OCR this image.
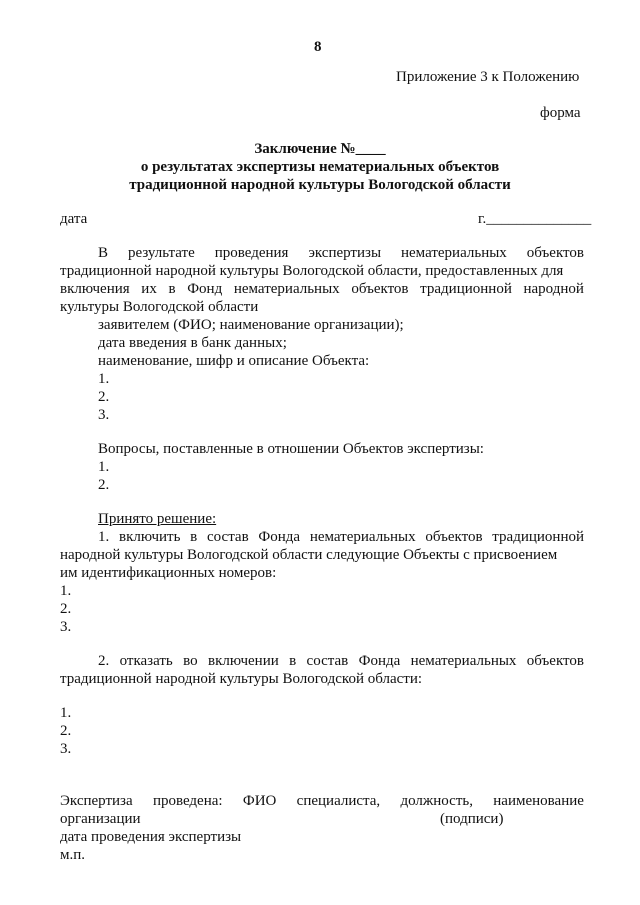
8
Приложение 3 к Положению
форма
Заключение №____
о результатах экспертизы нематериальных объектов
традиционной народной культуры Вологодской области
дата	г.______________
В результате проведения экспертизы нематериальных объектов
традиционной народной культуры Вологодской области, предоставленных для
включения их в Фонд нематериальных объектов традиционной народной
культуры Вологодской области
заявителем (ФИО; наименование организации);
дата введения в банк данных;
наименование, шифр и описание Объекта:
1.
2.
3.
Вопросы, поставленные в отношении Объектов экспертизы:
1.
2.
Принято решение:
1. включить в состав Фонда нематериальных объектов традиционной
народной культуры Вологодской области следующие Объекты с присвоением
им идентификационных номеров:
1.
2.
3.
2. отказать во включении в состав Фонда нематериальных объектов
традиционной народной культуры Вологодской области:
1.
2.
3.
Экспертиза проведена: ФИО специалиста, должность, наименование
организации	(подписи)
дата проведения экспертизы
м.п.
